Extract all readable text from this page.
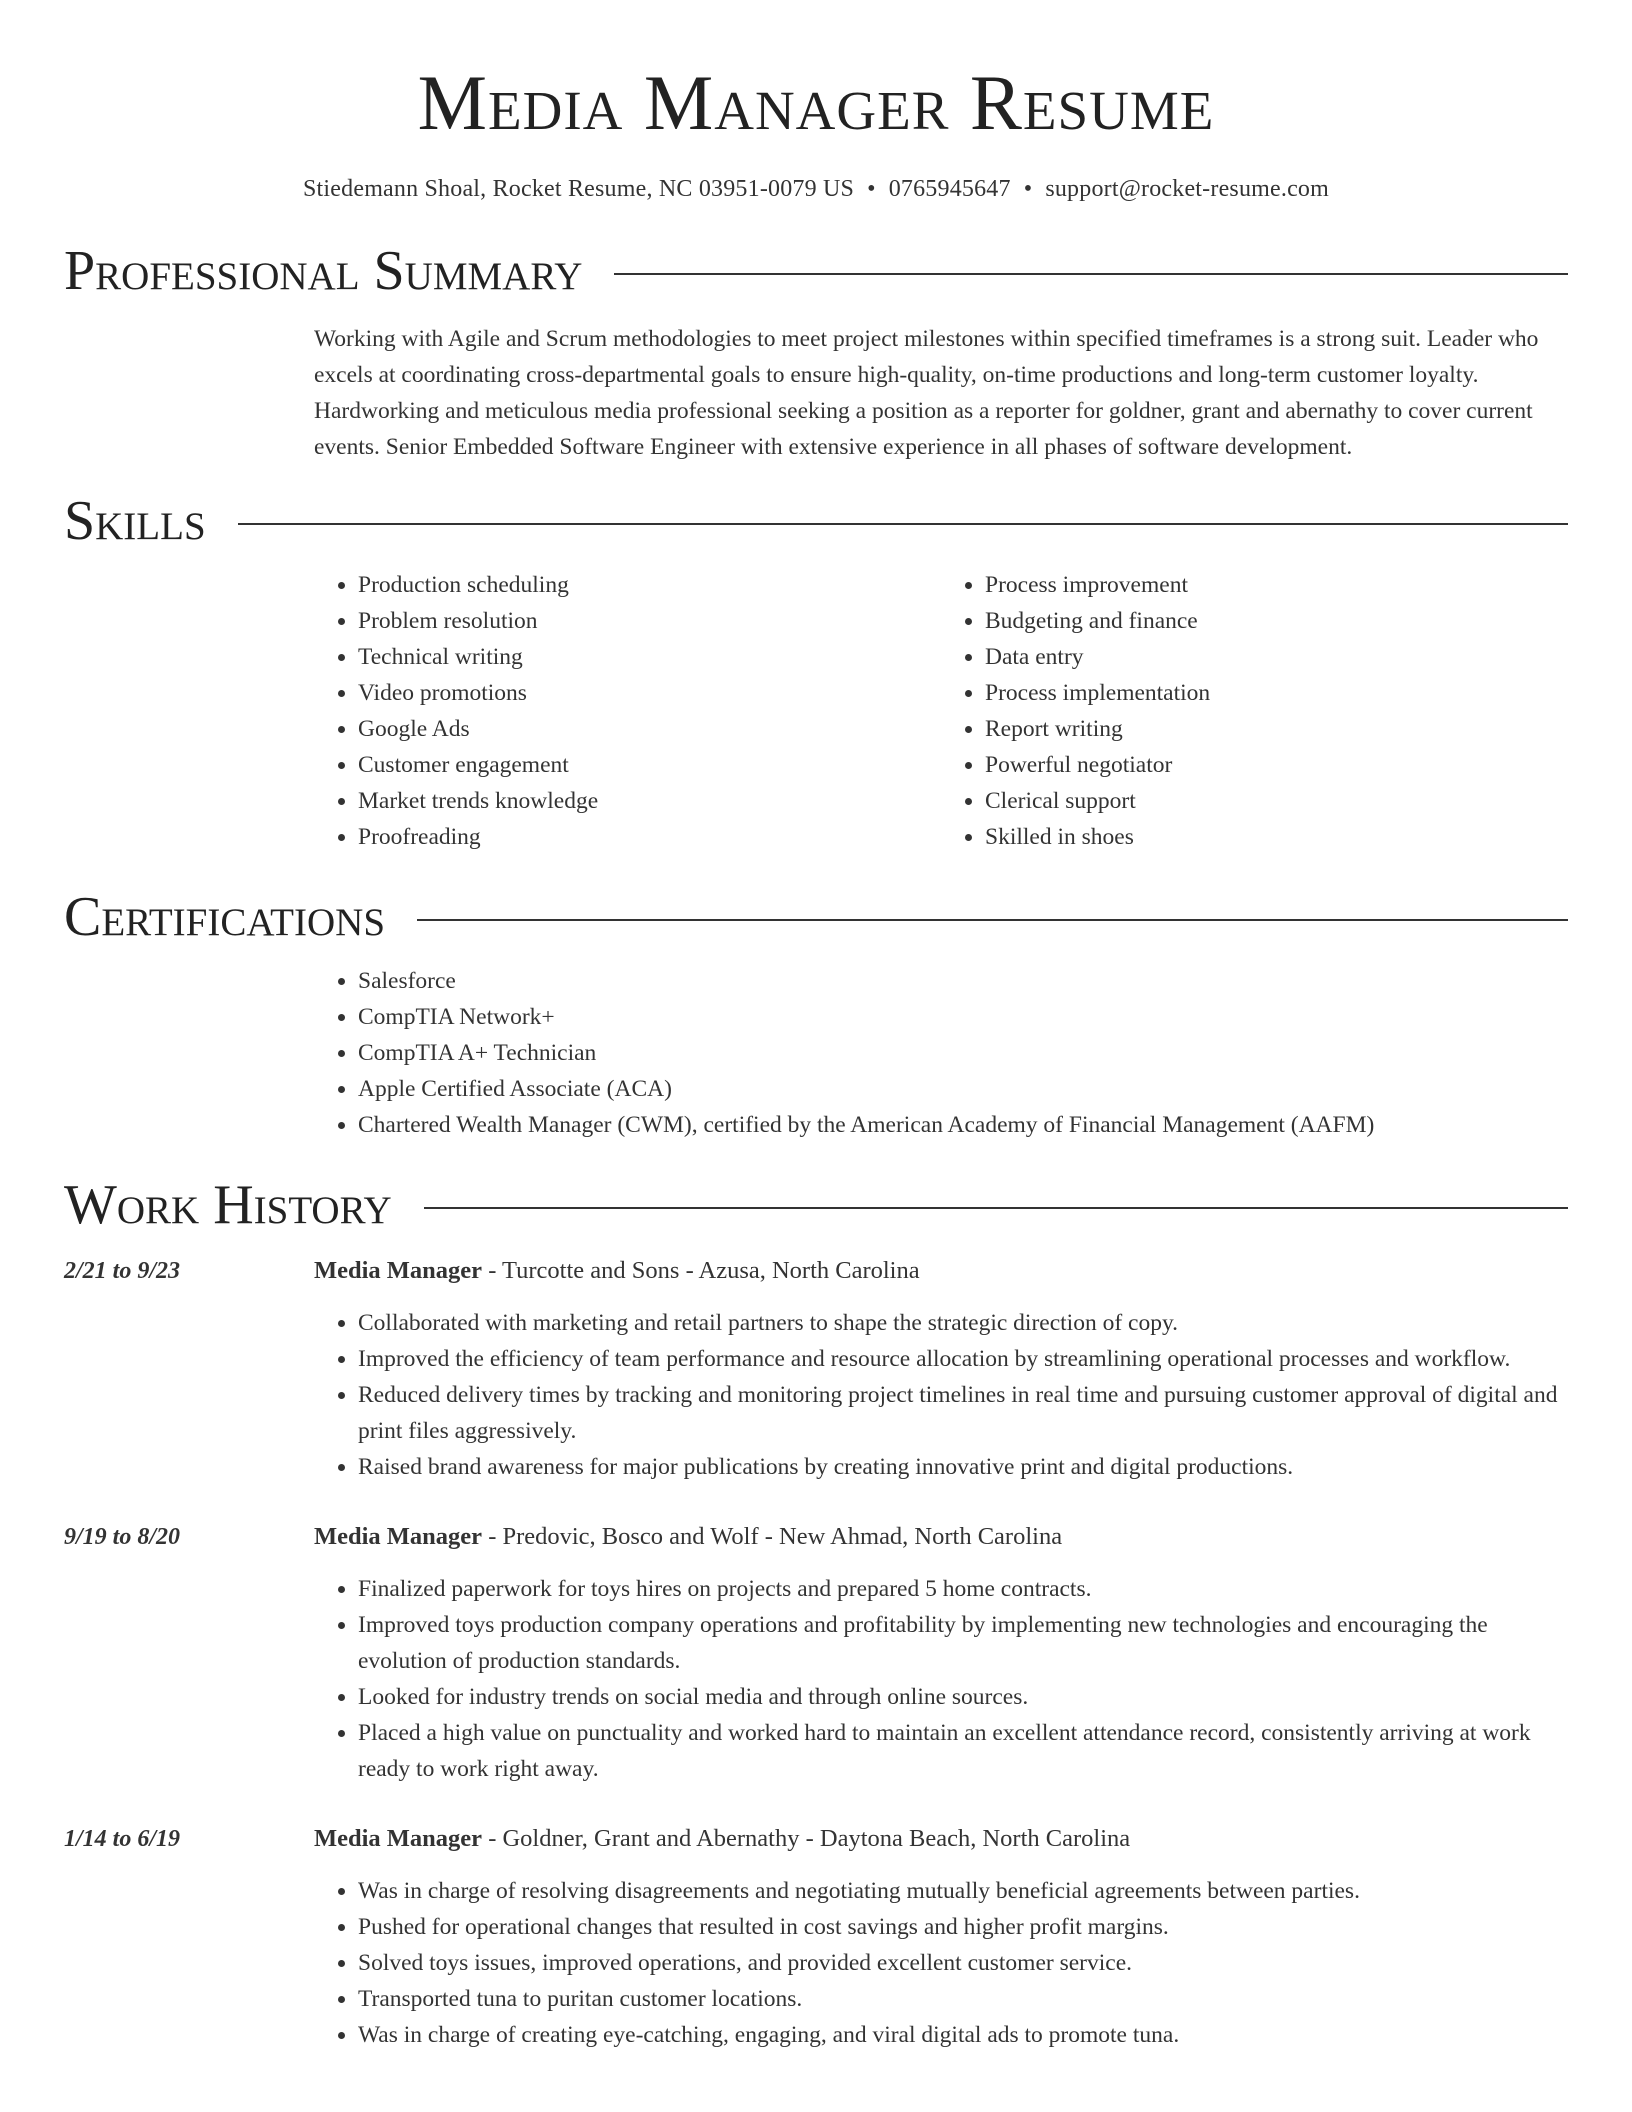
Media Manager Resume
Stiedemann Shoal, Rocket Resume, NC 03951-0079 US • 0765945647 • support@rocket-resume.com
Professional Summary
Working with Agile and Scrum methodologies to meet project milestones within specified timeframes is a strong suit. Leader who excels at coordinating cross-departmental goals to ensure high-quality, on-time productions and long-term customer loyalty. Hardworking and meticulous media professional seeking a position as a reporter for goldner, grant and abernathy to cover current events. Senior Embedded Software Engineer with extensive experience in all phases of software development.
Skills
• Production scheduling
• Problem resolution
• Technical writing
• Video promotions
• Google Ads
• Customer engagement
• Market trends knowledge
• Proofreading
• Process improvement
• Budgeting and finance
• Data entry
• Process implementation
• Report writing
• Powerful negotiator
• Clerical support
• Skilled in shoes
Certifications
• Salesforce
• CompTIA Network+
• CompTIA A+ Technician
• Apple Certified Associate (ACA)
• Chartered Wealth Manager (CWM), certified by the American Academy of Financial Management (AAFM)
Work History
2/21 to 9/23	Media Manager - Turcotte and Sons - Azusa, North Carolina
• Collaborated with marketing and retail partners to shape the strategic direction of copy.
• Improved the efficiency of team performance and resource allocation by streamlining operational processes and workflow.
• Reduced delivery times by tracking and monitoring project timelines in real time and pursuing customer approval of digital and print files aggressively.
• Raised brand awareness for major publications by creating innovative print and digital productions.
9/19 to 8/20	Media Manager - Predovic, Bosco and Wolf - New Ahmad, North Carolina
• Finalized paperwork for toys hires on projects and prepared 5 home contracts.
• Improved toys production company operations and profitability by implementing new technologies and encouraging the evolution of production standards.
• Looked for industry trends on social media and through online sources.
• Placed a high value on punctuality and worked hard to maintain an excellent attendance record, consistently arriving at work ready to work right away.
1/14 to 6/19	Media Manager - Goldner, Grant and Abernathy - Daytona Beach, North Carolina
• Was in charge of resolving disagreements and negotiating mutually beneficial agreements between parties.
• Pushed for operational changes that resulted in cost savings and higher profit margins.
• Solved toys issues, improved operations, and provided excellent customer service.
• Transported tuna to puritan customer locations.
• Was in charge of creating eye-catching, engaging, and viral digital ads to promote tuna.
